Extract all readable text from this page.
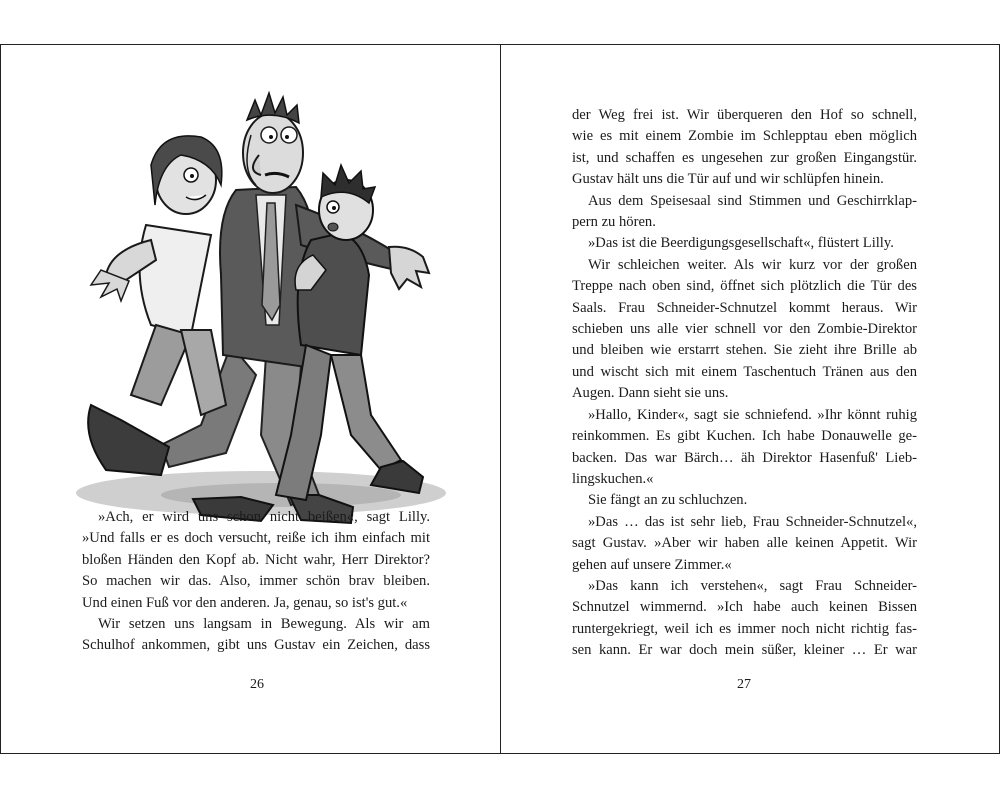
»Ach, er wird uns schon nicht beißen«, sagt Lilly.
»Und falls er es doch versucht, reiße ich ihm einfach mit
bloßen Händen den Kopf ab. Nicht wahr, Herr Direktor?
So machen wir das. Also, immer schön brav bleiben.
Und einen Fuß vor den anderen. Ja, genau, so ist's gut.«

Wir setzen uns langsam in Bewegung. Als wir am
Schulhof ankommen, gibt uns Gustav ein Zeichen, dass

26

der Weg frei ist. Wir überqueren den Hof so schnell,
wie es mit einem Zombie im Schlepptau eben möglich
ist, und schaffen es ungesehen zur großen Eingangstür.
Gustav hält uns die Tür auf und wir schlüpfen hinein.

Aus dem Speisesaal sind Stimmen und Geschirrklap-
pern zu hören.

»Das ist die Beerdigungsgesellschaft«, flüstert Lilly.

Wir schleichen weiter. Als wir kurz vor der großen
Treppe nach oben sind, öffnet sich plötzlich die Tür des
Saals. Frau Schneider-Schnutzel kommt heraus. Wir
schieben uns alle vier schnell vor den Zombie-Direktor
und bleiben wie erstarrt stehen. Sie zieht ihre Brille ab
und wischt sich mit einem Taschentuch Tränen aus den
Augen. Dann sieht sie uns.

»Hallo, Kinder«, sagt sie schniefend. »Ihr könnt ruhig
reinkommen. Es gibt Kuchen. Ich habe Donauwelle ge-
backen. Das war Bärch… äh Direktor Hasenfuß' Lieb-
lingskuchen.«

Sie fängt an zu schluchzen.

»Das … das ist sehr lieb, Frau Schneider-Schnutzel«,
sagt Gustav. »Aber wir haben alle keinen Appetit. Wir
gehen auf unsere Zimmer.«

»Das kann ich verstehen«, sagt Frau Schneider-
Schnutzel wimmernd. »Ich habe auch keinen Bissen
runtergekriegt, weil ich es immer noch nicht richtig fas-
sen kann. Er war doch mein süßer, kleiner … Er war

27
